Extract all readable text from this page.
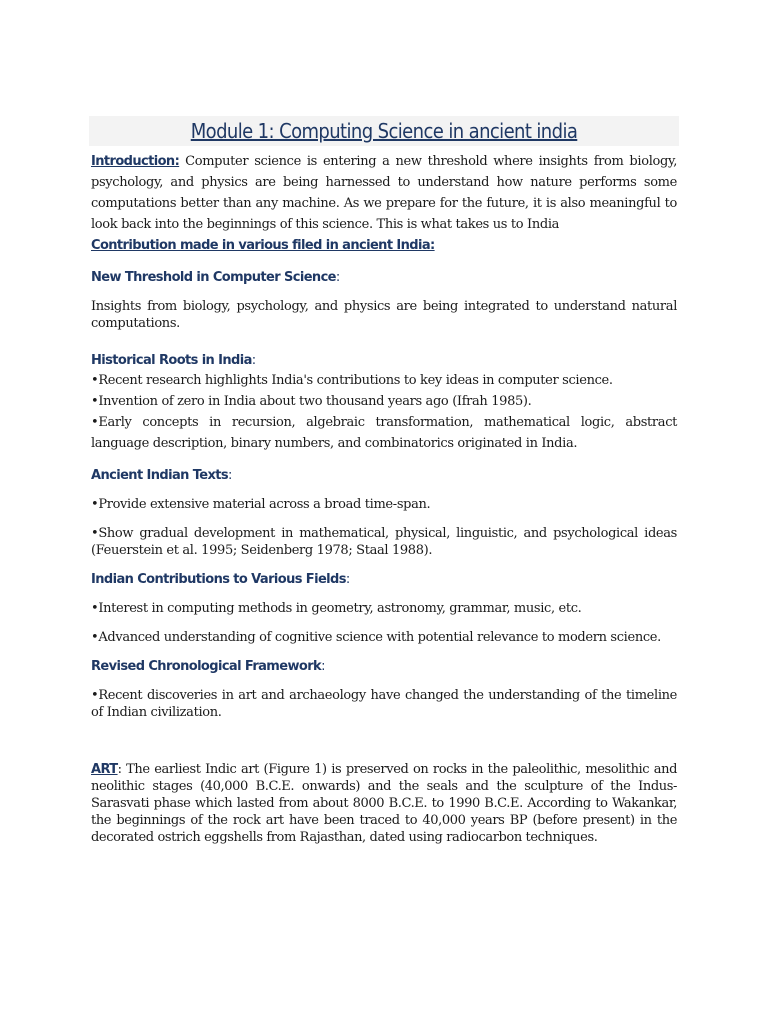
Module 1: Computing Science in ancient india

Introduction: Computer science is entering a new threshold where insights from biology, psychology, and physics are being harnessed to understand how nature performs some computations better than any machine. As we prepare for the future, it is also meaningful to look back into the beginnings of this science. This is what takes us to India

Contribution made in various filed in ancient India:
New Threshold in Computer Science:
Insights from biology, psychology, and physics are being integrated to understand natural computations.
Historical Roots in India:
•Recent research highlights India's contributions to key ideas in computer science.
•Invention of zero in India about two thousand years ago (Ifrah 1985).
•Early concepts in recursion, algebraic transformation, mathematical logic, abstract language description, binary numbers, and combinatorics originated in India.
Ancient Indian Texts:
•Provide extensive material across a broad time-span.
•Show gradual development in mathematical, physical, linguistic, and psychological ideas (Feuerstein et al. 1995; Seidenberg 1978; Staal 1988).
Indian Contributions to Various Fields:
•Interest in computing methods in geometry, astronomy, grammar, music, etc.
•Advanced understanding of cognitive science with potential relevance to modern science.
Revised Chronological Framework:
•Recent discoveries in art and archaeology have changed the understanding of the timeline of Indian civilization.

ART: The earliest Indic art (Figure 1) is preserved on rocks in the paleolithic, mesolithic and neolithic stages (40,000 B.C.E. onwards) and the seals and the sculpture of the Indus-Sarasvati phase which lasted from about 8000 B.C.E. to 1990 B.C.E. According to Wakankar, the beginnings of the rock art have been traced to 40,000 years BP (before present) in the decorated ostrich eggshells from Rajasthan, dated using radiocarbon techniques.
